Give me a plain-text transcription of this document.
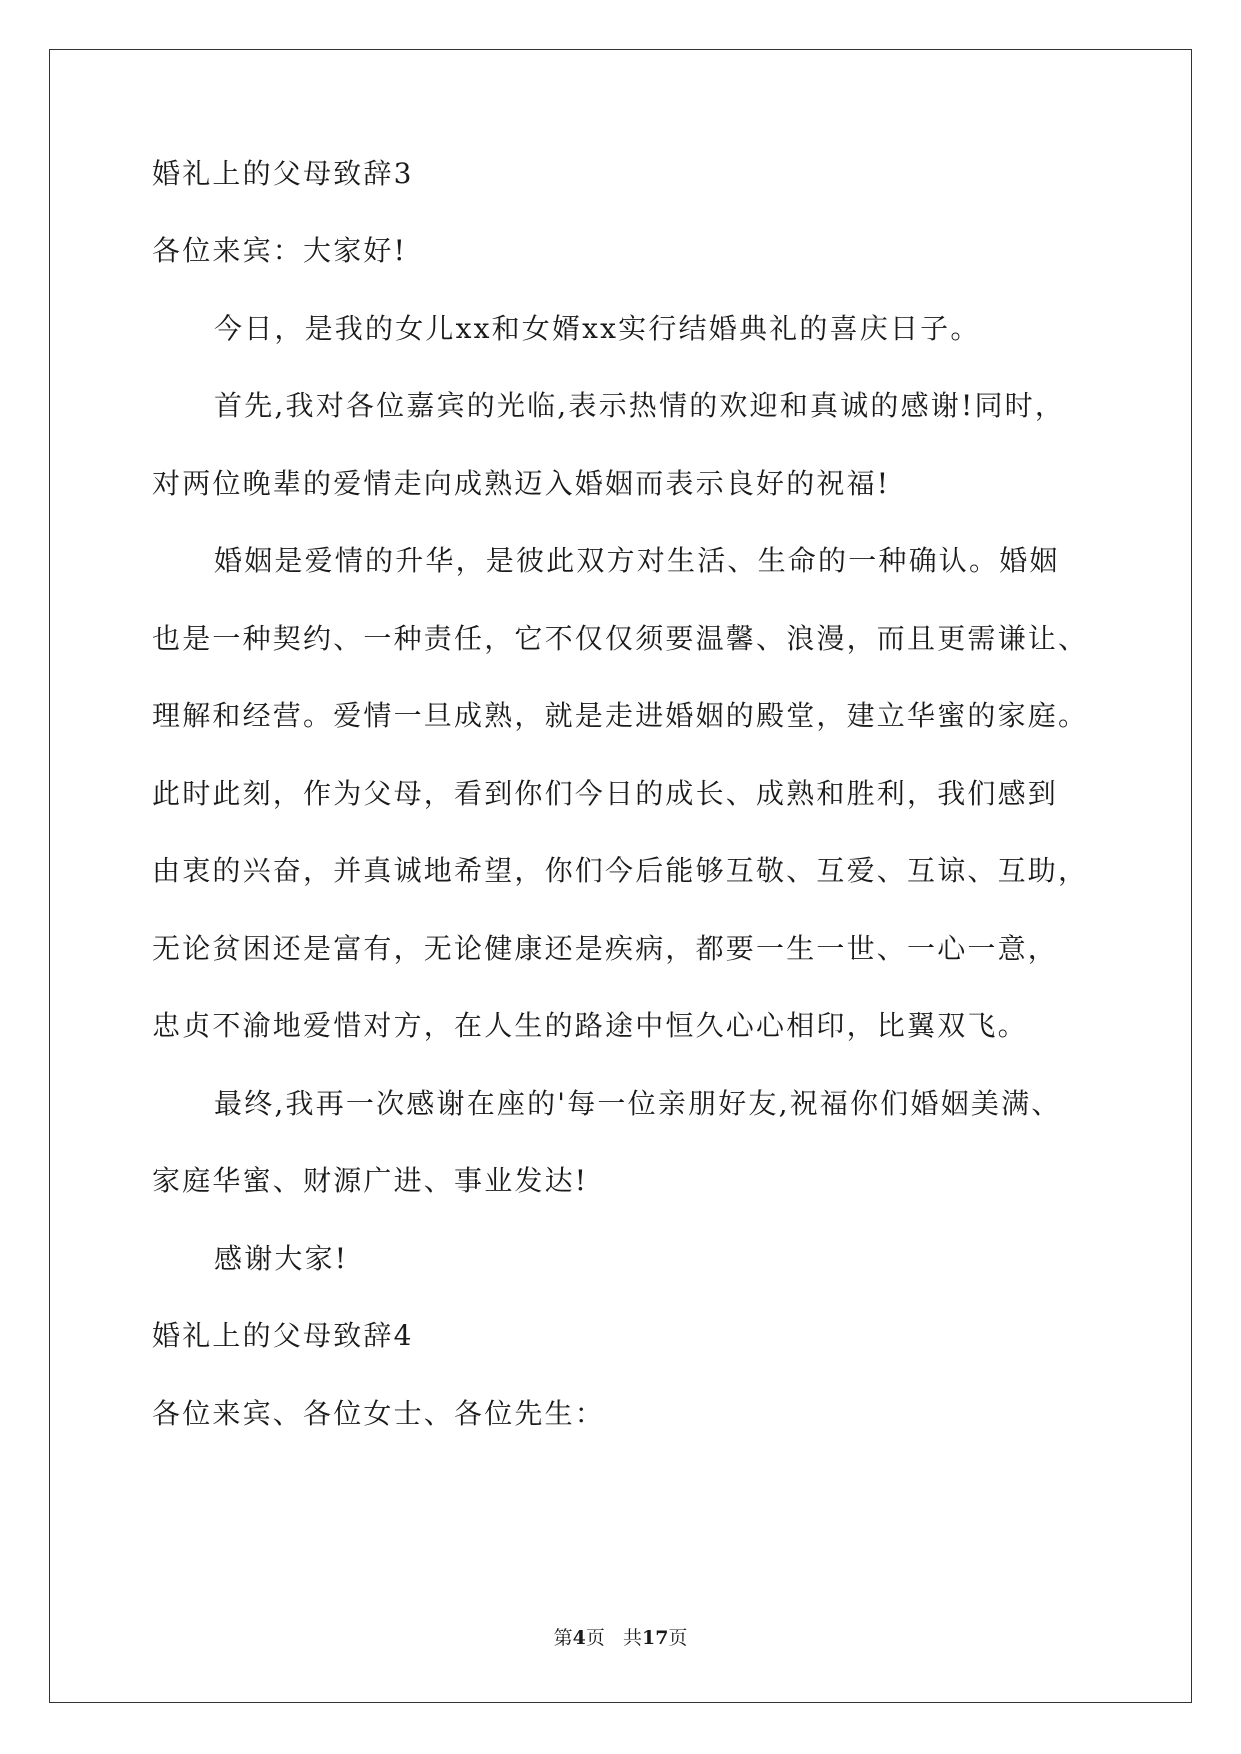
婚礼上的父母致辞3
各位来宾：大家好!
今日，是我的女儿xx和女婿xx实行结婚典礼的喜庆日子。
首先,我对各位嘉宾的光临,表示热情的欢迎和真诚的感谢!同时，
对两位晚辈的爱情走向成熟迈入婚姻而表示良好的祝福!
婚姻是爱情的升华，是彼此双方对生活、生命的一种确认。婚姻
也是一种契约、一种责任，它不仅仅须要温馨、浪漫，而且更需谦让、
理解和经营。爱情一旦成熟，就是走进婚姻的殿堂，建立华蜜的家庭。
此时此刻，作为父母，看到你们今日的成长、成熟和胜利，我们感到
由衷的兴奋，并真诚地希望，你们今后能够互敬、互爱、互谅、互助，
无论贫困还是富有，无论健康还是疾病，都要一生一世、一心一意，
忠贞不渝地爱惜对方，在人生的路途中恒久心心相印，比翼双飞。
最终,我再一次感谢在座的'每一位亲朋好友,祝福你们婚姻美满、
家庭华蜜、财源广进、事业发达!
感谢大家!
婚礼上的父母致辞4
各位来宾、各位女士、各位先生：
第4页 共17页
